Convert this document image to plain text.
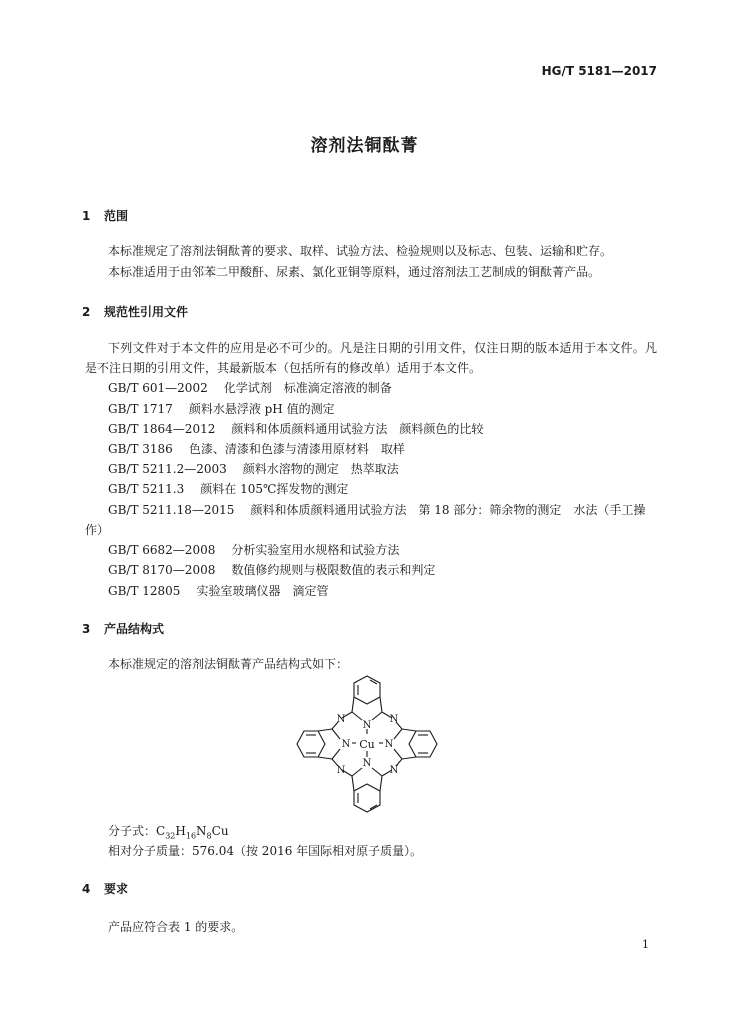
HG/T 5181—2017
溶剂法铜酞菁
1 范围
本标准规定了溶剂法铜酞菁的要求、取样、试验方法、检验规则以及标志、包装、运输和贮存。
本标准适用于由邻苯二甲酸酐、尿素、氯化亚铜等原料，通过溶剂法工艺制成的铜酞菁产品。
2 规范性引用文件
下列文件对于本文件的应用是必不可少的。凡是注日期的引用文件，仅注日期的版本适用于本文件。凡是不注日期的引用文件，其最新版本（包括所有的修改单）适用于本文件。
GB/T 601—2002 化学试剂　标准滴定溶液的制备
GB/T 1717 颜料水悬浮液 pH 值的测定
GB/T 1864—2012 颜料和体质颜料通用试验方法　颜料颜色的比较
GB/T 3186 色漆、清漆和色漆与清漆用原材料　取样
GB/T 5211.2—2003 颜料水溶物的测定　热萃取法
GB/T 5211.3 颜料在 105℃挥发物的测定
GB/T 5211.18—2015 颜料和体质颜料通用试验方法　第 18 部分：筛余物的测定　水法（手工操作）
GB/T 6682—2008 分析实验室用水规格和试验方法
GB/T 8170—2008 数值修约规则与极限数值的表示和判定
GB/T 12805 实验室玻璃仪器　滴定管
3 产品结构式
本标准规定的溶剂法铜酞菁产品结构式如下：
N
N
N	N
N	N
N	N
Cu
分子式：$C_{32}H_{16}N_8Cu$
相对分子质量：576.04（按 2016 年国际相对原子质量）。
4 要求
产品应符合表 1 的要求。
1
